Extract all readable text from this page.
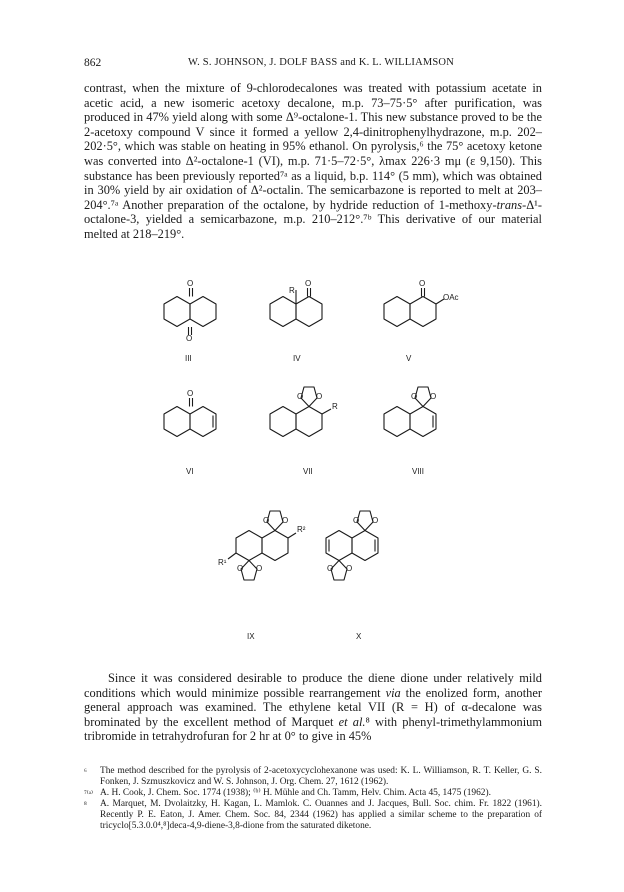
862	W. S. JOHNSON, J. DOLF BASS and K. L. WILLIAMSON

contrast, when the mixture of 9-chlorodecalones was treated with potassium acetate in acetic acid, a new isomeric acetoxy decalone, m.p. 73–75·5° after purification, was produced in 47% yield along with some Δ⁹-octalone-1. This new substance proved to be the 2-acetoxy compound V since it formed a yellow 2,4-dinitrophenylhydrazone, m.p. 202–202·5°, which was stable on heating in 95% ethanol. On pyrolysis,⁶ the 75° acetoxy ketone was converted into Δ²-octalone-1 (VI), m.p. 71·5–72·5°, λmax 226·3 mμ (ε 9,150). This substance has been previously reported⁷ᵃ as a liquid, b.p. 114° (5 mm), which was obtained in 30% yield by air oxidation of Δ²-octalin. The semicarbazone is reported to melt at 203–204°.⁷ᵃ Another preparation of the octalone, by hydride reduction of 1-methoxy-trans-Δ¹-octalone-3, yielded a semicarbazone, m.p. 210–212°.⁷ᵇ This derivative of our material melted at 218–219°.

O
O
O
R
O
OAc
O	O O
R
O O
O O
R²
R¹
O O
O O
O O
III	IV	V
VI	VII	VIII
IX	X

Since it was considered desirable to produce the diene dione under relatively mild conditions which would minimize possible rearrangement via the enolized form, another general approach was examined. The ethylene ketal VII (R = H) of α-decalone was brominated by the excellent method of Marquet et al.⁸ with phenyl-trimethylammonium tribromide in tetrahydrofuran for 2 hr at 0° to give in 45%

⁶ The method described for the pyrolysis of 2-acetoxycyclohexanone was used: K. L. Williamson, R. T. Keller, G. S. Fonken, J. Szmuszkovicz and W. S. Johnson, J. Org. Chem. 27, 1612 (1962).

⁷⁽ᵃ⁾ A. H. Cook, J. Chem. Soc. 1774 (1938); ⁽ᵇ⁾ H. Mühle and Ch. Tamm, Helv. Chim. Acta 45, 1475 (1962).

⁸ A. Marquet, M. Dvolaitzky, H. Kagan, L. Mamlok. C. Ouannes and J. Jacques, Bull. Soc. chim. Fr. 1822 (1961). Recently P. E. Eaton, J. Amer. Chem. Soc. 84, 2344 (1962) has applied a similar scheme to the preparation of tricyclo[5.3.0.0⁴,⁸]deca-4,9-diene-3,8-dione from the saturated diketone.
